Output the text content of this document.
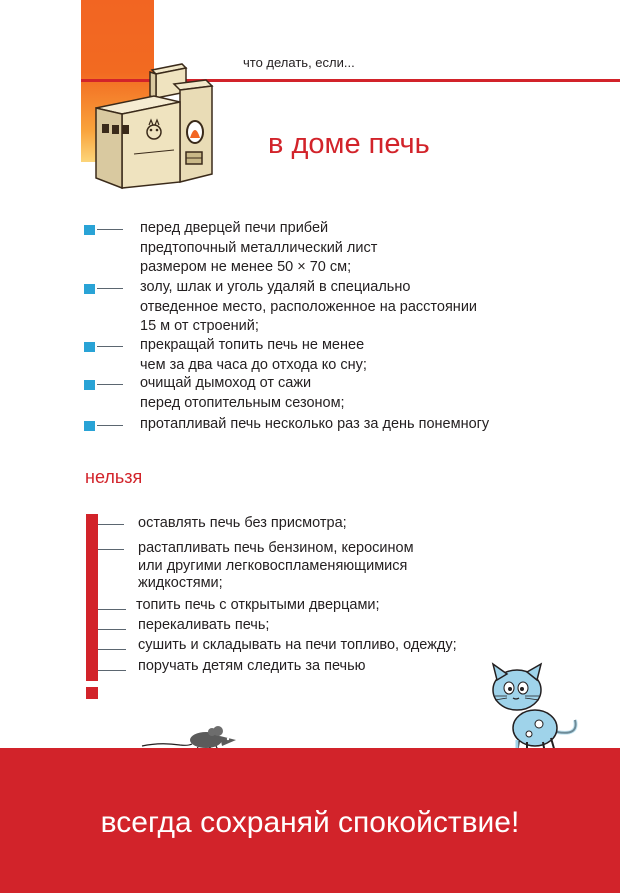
что делать, если...
в доме печь
перед дверцей печи прибей
предтопочный металлический лист
размером не менее 50 × 70 см;
золу, шлак и уголь удаляй в специально
отведенное место, расположенное на расстоянии
15 м от строений;
прекращай топить печь не менее
чем за два часа до отхода ко сну;
очищай дымоход от сажи
перед отопительным сезоном;
протапливай печь несколько раз за день понемногу
нельзя
оставлять печь без присмотра;
растапливать печь бензином, керосином
или другими легковоспламеняющимися
жидкостями;
топить печь с открытыми дверцами;
перекаливать печь;
сушить и складывать на печи топливо, одежду;
поручать детям следить за печью
всегда сохраняй спокойствие!
